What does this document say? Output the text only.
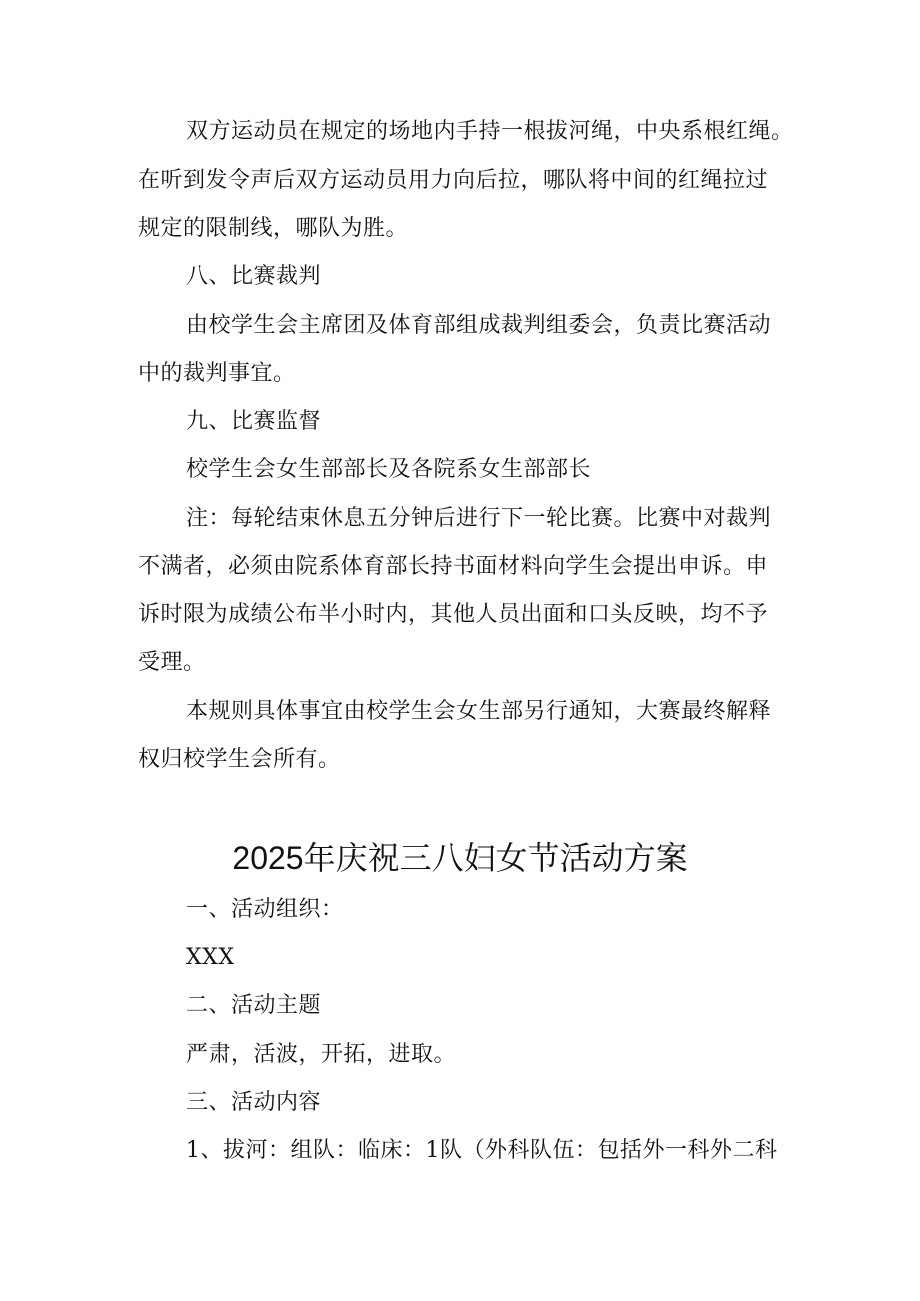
双方运动员在规定的场地内手持一根拔河绳，中央系根红绳。
在听到发令声后双方运动员用力向后拉，哪队将中间的红绳拉过
规定的限制线，哪队为胜。
八、比赛裁判
由校学生会主席团及体育部组成裁判组委会，负责比赛活动
中的裁判事宜。
九、比赛监督
校学生会女生部部长及各院系女生部部长
注：每轮结束休息五分钟后进行下一轮比赛。比赛中对裁判
不满者，必须由院系体育部长持书面材料向学生会提出申诉。申
诉时限为成绩公布半小时内，其他人员出面和口头反映，均不予
受理。
本规则具体事宜由校学生会女生部另行通知，大赛最终解释
权归校学生会所有。
2025年庆祝三八妇女节活动方案
一、活动组织：
XXX
二、活动主题
严肃，活波，开拓，进取。
三、活动内容
1、拔河：组队：临床：1队（外科队伍：包括外一科外二科
